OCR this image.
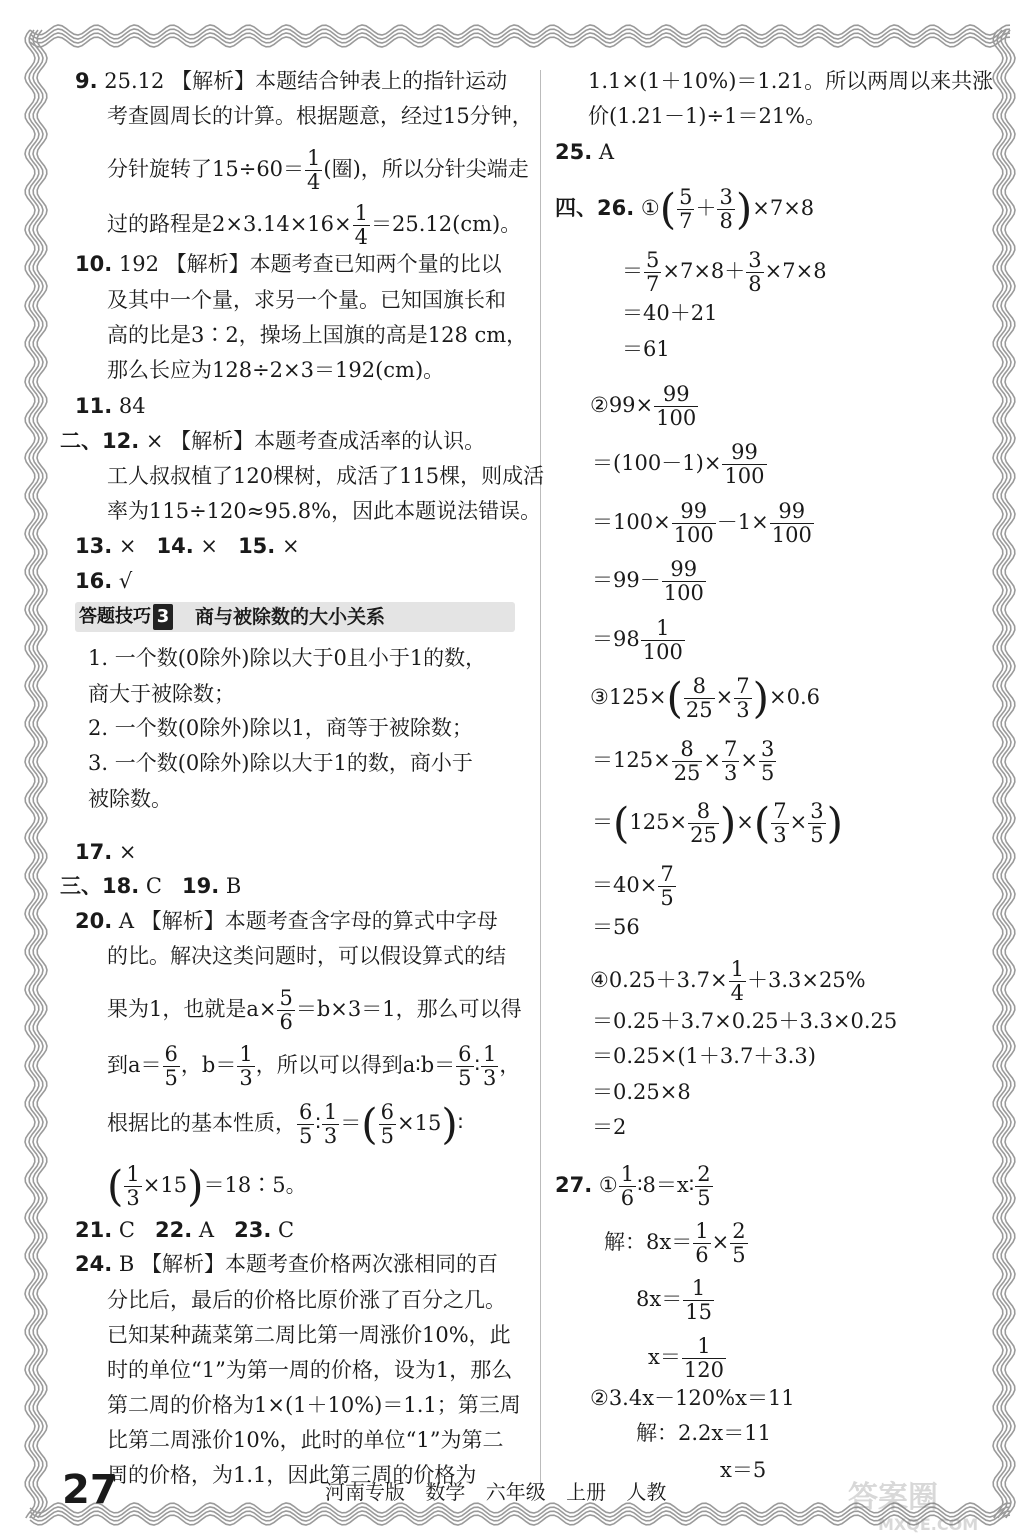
9. 25.12 【解析】本题结合钟表上的指针运动
考查圆周长的计算。根据题意，经过15分钟，
分针旋转了$15\div 60= \frac{1}{4}$ (圈)，所以分针尖端走
过的路程是$2\times 3.14\times 16\times \frac{1}{4} =25.12(cm)$。
10. 192 【解析】本题考查已知两个量的比以
及其中一个量，求另一个量。已知国旗长和
高的比是3∶2，操场上国旗的高是128 cm，
那么长应为128÷2×3＝192(cm)。
11. 84
二、12. × 【解析】本题考查成活率的认识。
工人叔叔植了120棵树，成活了115棵，则成活
率为115÷120≈95.8%，因此本题说法错误。
13. × 14. × 15. ×
16. √
答题技巧 3	商与被除数的大小关系
1. 一个数(0除外)除以大于0且小于1的数，
商大于被除数；
2. 一个数(0除外)除以1，商等于被除数；
3. 一个数(0除外)除以大于1的数，商小于
被除数。
17. ×
三、18. C 19. B
20. A 【解析】本题考查含字母的算式中字母
的比。解决这类问题时，可以假设算式的结
果为1，也就是$a\times \frac{5}{6} =b\times 3=1$，那么可以得
到$a= \frac{6}{5}$ ，$b= \frac{1}{3}$ ，所以可以得到a∶b＝ $\frac{6}{5}$ ∶ $\frac{1}{3}$ ，
根据比的基本性质， $\frac{6}{5}$ ∶ $\frac{1}{3}$ ＝( $\frac{6}{5}$ ×15)∶
( $\frac{1}{3}$ ×15)＝18∶5。
21. C 22. A 23. C
24. B 【解析】本题考查价格两次涨相同的百
分比后，最后的价格比原价涨了百分之几。
已知某种蔬菜第二周比第一周涨价10%，此
时的单位“1”为第一周的价格，设为1，那么
第二周的价格为1×(1＋10%)＝1.1；第三周
比第二周涨价10%，此时的单位“1”为第二
周的价格，为1.1，因此第三周的价格为
1.1×(1＋10%)＝1.21。所以两周以来共涨
价(1.21－1)÷1＝21%。
25. A
四、26. ①( $\frac{5}{7} + \frac{3}{8} )\times 7\times 8$
＝ $\frac{5}{7} \times 7\times 8+ \frac{3}{8} \times 7\times 8$
＝40＋21
＝61
②99× $\frac{99}{100}$
$=(100-1)\times \frac{99}{100}$
$=100\times \frac{99}{100} -1\times \frac{99}{100}$
$=99- \frac{99}{100}$
$=98 \frac{1}{100}$
③125×( $\frac{8}{25} \times \frac{7}{3} )\times 0.6$
$=125\times \frac{8}{25} \times \frac{7}{3} \times \frac{3}{5}$
$=(125\times \frac{8}{25}$ )×( $\frac{7}{3} \times \frac{3}{5}$ )
$=40\times \frac{7}{5}$
＝56
④0.25＋3.7× $\frac{1}{4} +3.3\times 25\%$
＝0.25＋3.7×0.25＋3.3×0.25
＝0.25×(1＋3.7＋3.3)
＝0.25×8
＝2
27. ① $\frac{1}{6}$ ∶8＝x∶ $\frac{2}{5}$
解：$8x= \frac{1}{6} \times \frac{2}{5}$
$8x= \frac{1}{15}$
$x= \frac{1}{120}$
②3.4x－120%x＝11
解：2.2x＝11
x＝5
27	河南专版 数学 六年级 上册 人教	答案圈
MXQE.COM
